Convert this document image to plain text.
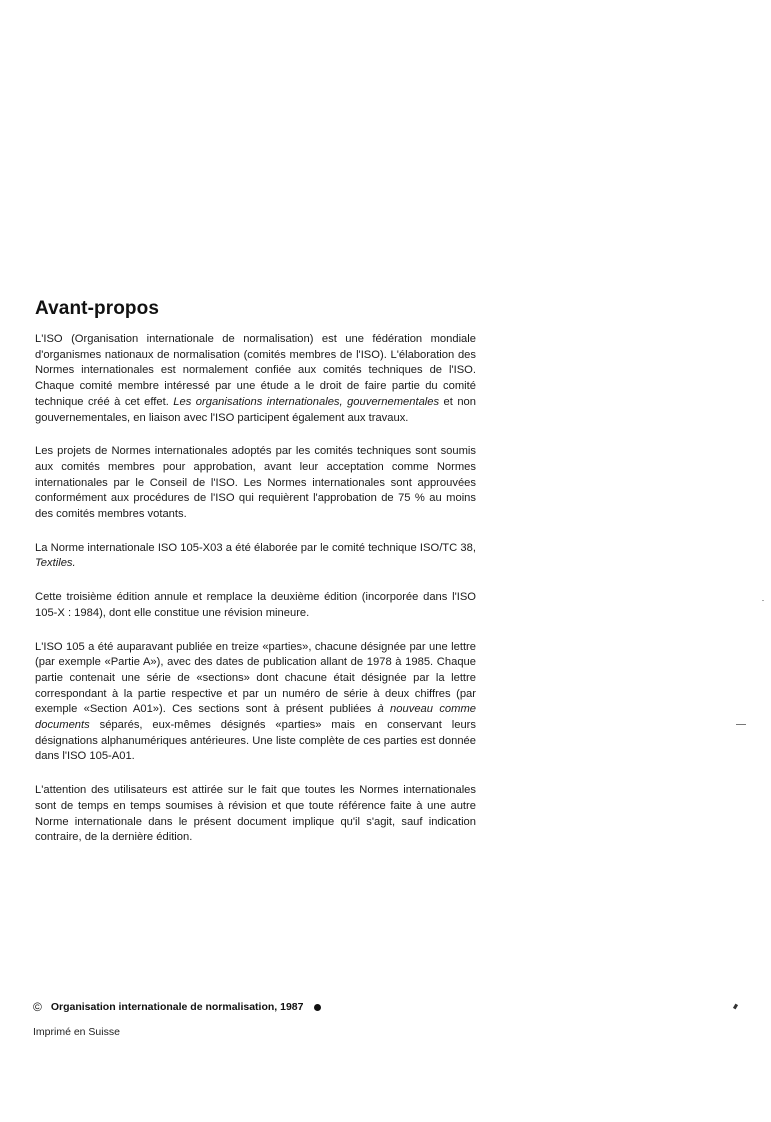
Avant-propos

L'ISO (Organisation internationale de normalisation) est une fédération mondiale d'organismes nationaux de normalisation (comités membres de l'ISO). L'élaboration des Normes internationales est normalement confiée aux comités techniques de l'ISO. Chaque comité membre intéressé par une étude a le droit de faire partie du comité technique créé à cet effet. Les organisations internationales, gouvernementales et non gouvernementales, en liaison avec l'ISO participent également aux travaux.

Les projets de Normes internationales adoptés par les comités techniques sont soumis aux comités membres pour approbation, avant leur acceptation comme Normes internationales par le Conseil de l'ISO. Les Normes internationales sont approuvées conformément aux procédures de l'ISO qui requièrent l'approbation de 75 % au moins des comités membres votants.

La Norme internationale ISO 105-X03 a été élaborée par le comité technique ISO/TC 38, Textiles.

Cette troisième édition annule et remplace la deuxième édition (incorporée dans l'ISO 105-X : 1984), dont elle constitue une révision mineure.

L'ISO 105 a été auparavant publiée en treize «parties», chacune désignée par une lettre (par exemple «Partie A»), avec des dates de publication allant de 1978 à 1985. Chaque partie contenait une série de «sections» dont chacune était désignée par la lettre correspondant à la partie respective et par un numéro de série à deux chiffres (par exemple «Section A01»). Ces sections sont à présent publiées à nouveau comme documents séparés, eux-mêmes désignés «parties» mais en conservant leurs désignations alphanumériques antérieures. Une liste complète de ces parties est donnée dans l'ISO 105-A01.

L'attention des utilisateurs est attirée sur le fait que toutes les Normes internationales sont de temps en temps soumises à révision et que toute référence faite à une autre Norme internationale dans le présent document implique qu'il s'agit, sauf indication contraire, de la dernière édition.

© Organisation internationale de normalisation, 1987
Imprimé en Suisse
